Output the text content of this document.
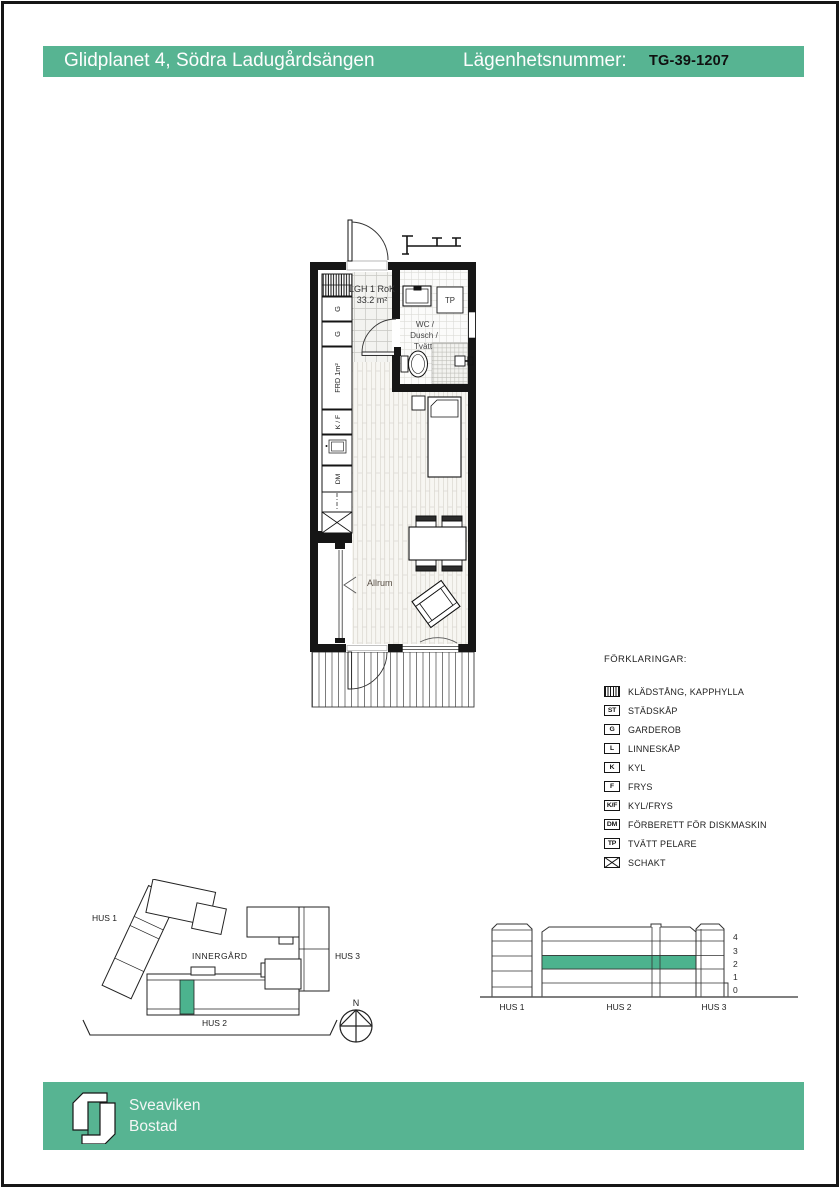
Glidplanet 4, Södra Ladugårdsängen	Lägenhetsnummer: TG-39-1207
LGH 1 RoK
33.2 m²
WC /
Dusch /
Tvätt
TP
Allrum
G
G
FRD 1m²
K / F
DM
FÖRKLARINGAR:
KLÄDSTÅNG, KAPPHYLLA
ST	STÄDSKÅP
G	GARDEROB
L	LINNESKÅP
K	KYL
F	FRYS
K/F	KYL/FRYS
DM	FÖRBERETT FÖR DISKMASKIN
TP	TVÄTT PELARE
SCHAKT
HUS 1
INNERGÅRD	HUS 3
HUS 2
N
4
3
2
1
0
HUS 1	HUS 2	HUS 3
Sveaviken
Bostad
